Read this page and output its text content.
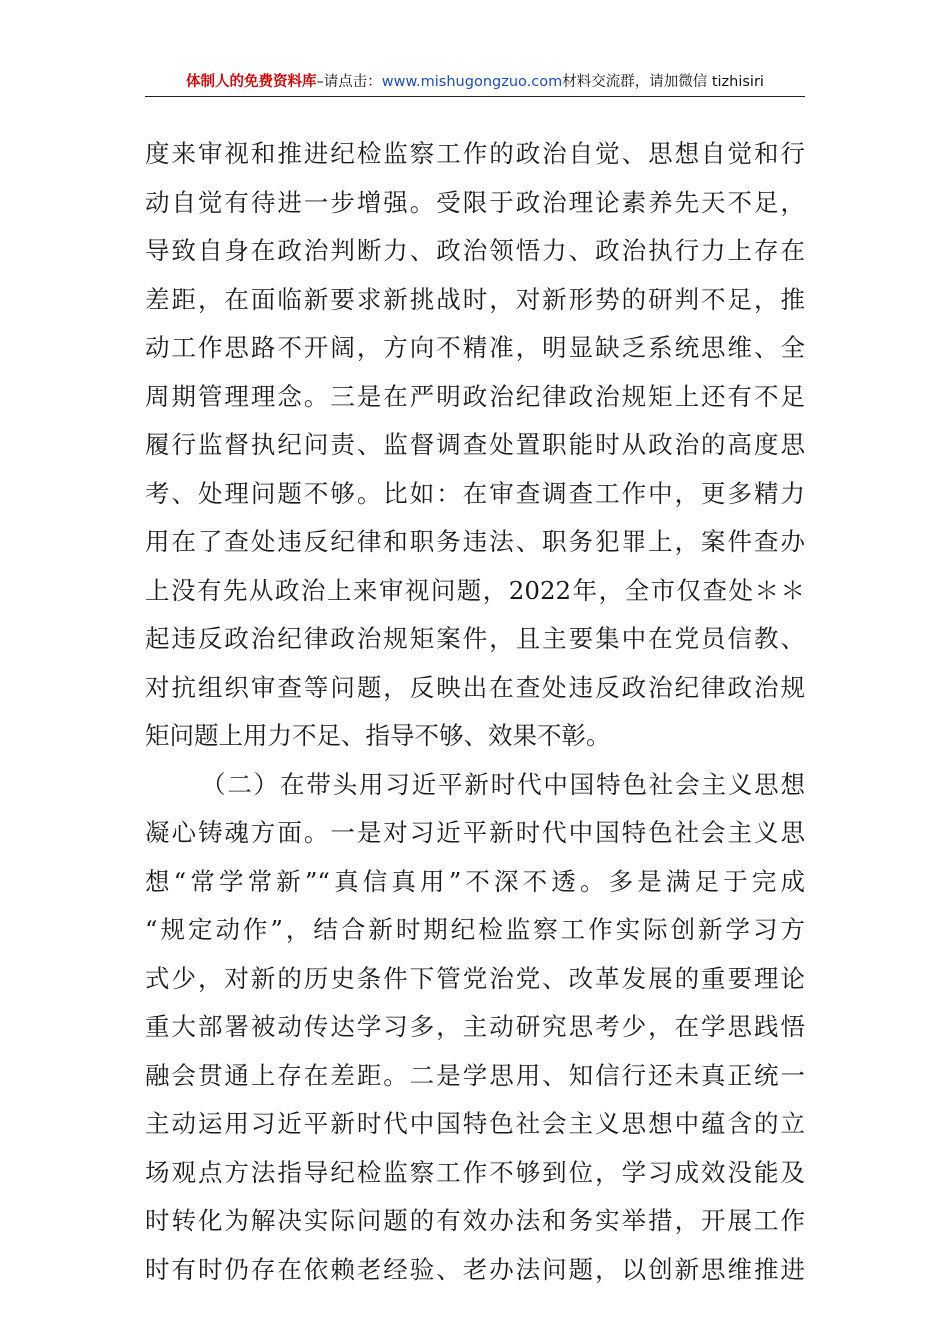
体制人的免费资料库–请点击：www.mishugongzuo.com材料交流群，请加微信 tizhisiri
度来审视和推进纪检监察工作的政治自觉、思想自觉和行
动自觉有待进一步增强。受限于政治理论素养先天不足，
导致自身在政治判断力、政治领悟力、政治执行力上存在
差距，在面临新要求新挑战时，对新形势的研判不足，推
动工作思路不开阔，方向不精准，明显缺乏系统思维、全
周期管理理念。三是在严明政治纪律政治规矩上还有不足
履行监督执纪问责、监督调查处置职能时从政治的高度思
考、处理问题不够。比如：在审查调查工作中，更多精力
用在了查处违反纪律和职务违法、职务犯罪上，案件查办
上没有先从政治上来审视问题，2022年，全市仅查处＊＊
起违反政治纪律政治规矩案件，且主要集中在党员信教、
对抗组织审查等问题，反映出在查处违反政治纪律政治规
矩问题上用力不足、指导不够、效果不彰。
（二）在带头用习近平新时代中国特色社会主义思想
凝心铸魂方面。一是对习近平新时代中国特色社会主义思
想“常学常新”“真信真用”不深不透。多是满足于完成
“规定动作”，结合新时期纪检监察工作实际创新学习方
式少，对新的历史条件下管党治党、改革发展的重要理论
重大部署被动传达学习多，主动研究思考少，在学思践悟
融会贯通上存在差距。二是学思用、知信行还未真正统一
主动运用习近平新时代中国特色社会主义思想中蕴含的立
场观点方法指导纪检监察工作不够到位，学习成效没能及
时转化为解决实际问题的有效办法和务实举措，开展工作
时有时仍存在依赖老经验、老办法问题，以创新思维推进
